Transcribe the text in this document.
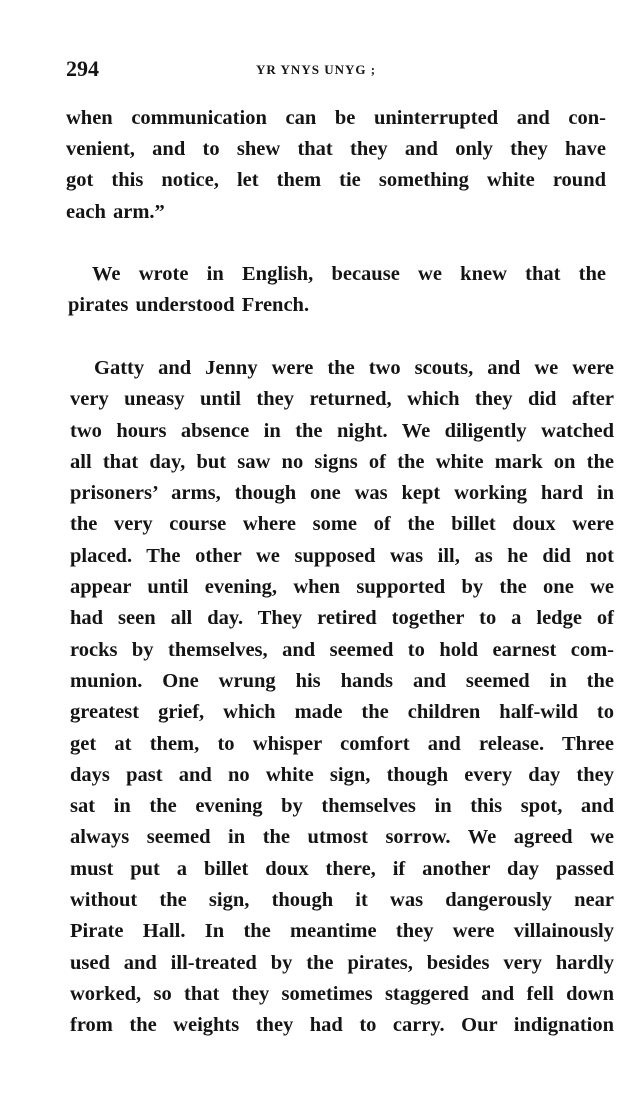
294	YR YNYS UNYG ;

when communication can be uninterrupted and con-
venient, and to shew that they and only they have
got this notice, let them tie something white round
each arm.”

We wrote in English, because we knew that the
pirates understood French.

Gatty and Jenny were the two scouts, and we were
very uneasy until they returned, which they did after
two hours absence in the night. We diligently watched
all that day, but saw no signs of the white mark on the
prisoners’ arms, though one was kept working hard in
the very course where some of the billet doux were
placed. The other we supposed was ill, as he did not
appear until evening, when supported by the one we
had seen all day. They retired together to a ledge of
rocks by themselves, and seemed to hold earnest com-
munion. One wrung his hands and seemed in the
greatest grief, which made the children half-wild to
get at them, to whisper comfort and release. Three
days past and no white sign, though every day they
sat in the evening by themselves in this spot, and
always seemed in the utmost sorrow. We agreed we
must put a billet doux there, if another day passed
without the sign, though it was dangerously near
Pirate Hall. In the meantime they were villainously
used and ill-treated by the pirates, besides very hardly
worked, so that they sometimes staggered and fell down
from the weights they had to carry. Our indignation
